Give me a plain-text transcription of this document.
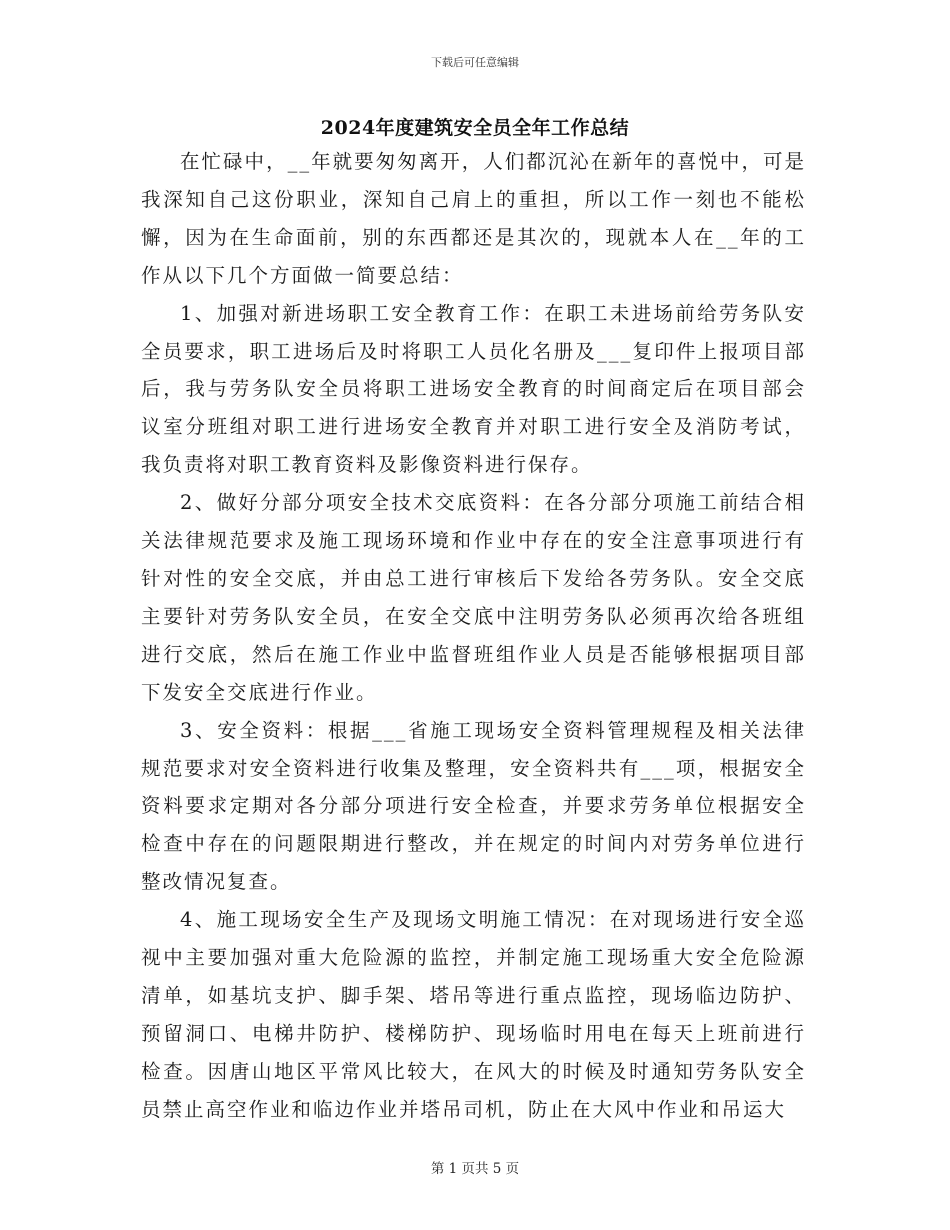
下载后可任意编辑
2024年度建筑安全员全年工作总结

在忙碌中，__年就要匆匆离开，人们都沉沁在新年的喜悦中，可是我深知自己这份职业，深知自己肩上的重担，所以工作一刻也不能松懈，因为在生命面前，别的东西都还是其次的，现就本人在__年的工作从以下几个方面做一简要总结：

1、加强对新进场职工安全教育工作：在职工未进场前给劳务队安全员要求，职工进场后及时将职工人员化名册及___复印件上报项目部后，我与劳务队安全员将职工进场安全教育的时间商定后在项目部会议室分班组对职工进行进场安全教育并对职工进行安全及消防考试，我负责将对职工教育资料及影像资料进行保存。

2、做好分部分项安全技术交底资料：在各分部分项施工前结合相关法律规范要求及施工现场环境和作业中存在的安全注意事项进行有针对性的安全交底，并由总工进行审核后下发给各劳务队。安全交底主要针对劳务队安全员，在安全交底中注明劳务队必须再次给各班组进行交底，然后在施工作业中监督班组作业人员是否能够根据项目部下发安全交底进行作业。

3、安全资料：根据___省施工现场安全资料管理规程及相关法律规范要求对安全资料进行收集及整理，安全资料共有___项，根据安全资料要求定期对各分部分项进行安全检查，并要求劳务单位根据安全检查中存在的问题限期进行整改，并在规定的时间内对劳务单位进行整改情况复查。

4、施工现场安全生产及现场文明施工情况：在对现场进行安全巡视中主要加强对重大危险源的监控，并制定施工现场重大安全危险源清单，如基坑支护、脚手架、塔吊等进行重点监控，现场临边防护、预留洞口、电梯井防护、楼梯防护、现场临时用电在每天上班前进行检查。因唐山地区平常风比较大，在风大的时候及时通知劳务队安全员禁止高空作业和临边作业并塔吊司机，防止在大风中作业和吊运大

第 1 页共 5 页
